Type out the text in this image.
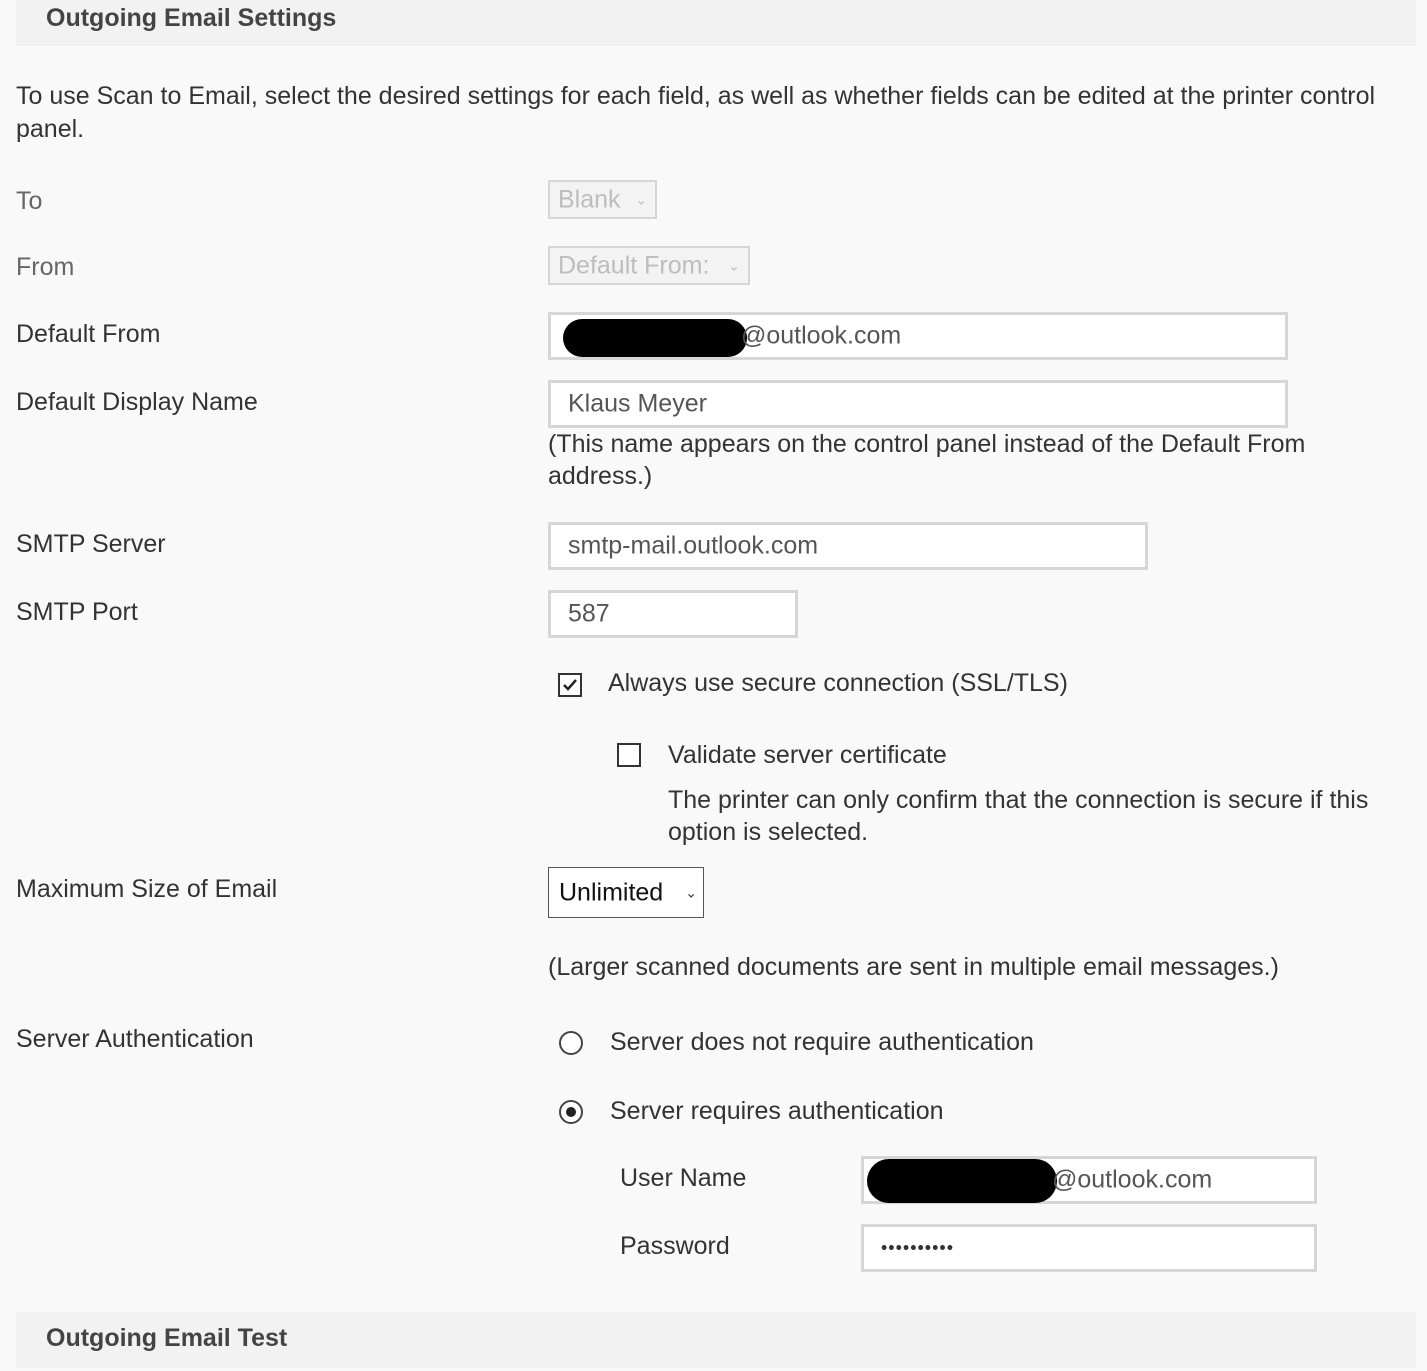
Outgoing Email Settings
To use Scan to Email, select the desired settings for each field, as well as whether fields can be edited at the printer control panel.
To	Blank ⌄
From	Default From: ⌄
Default From	@outlook.com
Default Display Name	Klaus Meyer
(This name appears on the control panel instead of the Default From address.)
SMTP Server	smtp-mail.outlook.com
SMTP Port	587
Always use secure connection (SSL/TLS)
Validate server certificate
The printer can only confirm that the connection is secure if this option is selected.
Maximum Size of Email	Unlimited ⌄
(Larger scanned documents are sent in multiple email messages.)
Server Authentication	Server does not require authentication
Server requires authentication
User Name	@outlook.com
Password	••••••••••
Outgoing Email Test
